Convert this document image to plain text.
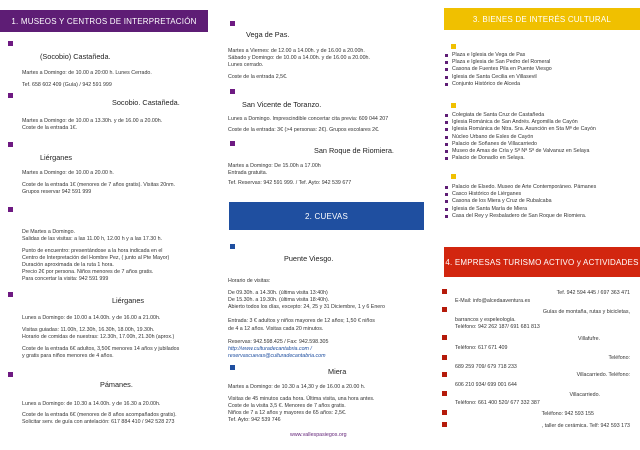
1. MUSEOS Y CENTROS DE INTERPRETACIÓN
(Socobio) Castañeda.
Martes a Domingo: de 10.00 a 20:00 h. Lunes Cerrado.
Tef. 658 602 409 (Guía) / 942 591 999
Socobio. Castañeda.
Martes a Domingo: de 10.00 a 13.30h. y de 16.00 a 20.00h.
Coste de la entrada 1€.
Liérganes
Martes a Domingo: de 10.00 a 20.00 h.
Coste de la entrada 1€ (menores de 7 años gratis). Visitas 20nm.
Grupos reservar 942 591 999
De Martes a Domingo.
Salidas de las visitas: a las 11.00 h, 12.00 h y a las 17.30 h.
Punto de encuentro: presentándose a la hora indicada en el
Centro de Interpretación del Hombre Pez, ( junto al Pte Mayor)
Duración aproximada de la ruta 1 hora.
Precio 2€ por persona. Niños menores de 7 años gratis.
Para concertar la visita: 942 591 999
Liérganes
Lunes a Domingo: de 10.00 a 14.00h. y de 16.00 a 21.00h.
Visitas guiadas: 11.00h, 12.30h, 16.30h, 18.00h, 19.30h.
Horario de comidas de nuestras: 12.30h, 17.00h, 21.30h (aprox.)
Coste de la entrada 6€ adultos, 3,50€ menores 14 años y jubilados
y gratis para niños menores de 4 años.
Pámanes.
Lunes a Domingo: de 10.30 a 14.00h. y de 16.30 a 20.00h.
Coste de la entrada 6€ (menores de 8 años acompañados gratis).
Solicitar serv. de guía con antelación: 617 884 410 / 942 528 273
Vega de Pas.
Martes a Viernes: de 12.00 a 14.00h. y de 16.00 a 20.00h.
Sábado y Domingo: de 10.00 a 14.00h. y de 16.00 a 20.00h.
Lunes cerrado.
Coste de la entrada 2,5€.
San Vicente de Toranzo.
Lunes a Domingo. Imprescindible concertar cita previa: 609 044 207
Coste de la entrada: 3€ (>4 personas: 2€). Grupos escolares 2€.
San Roque de Riomiera.
Martes a Domingo: De 15.00h a 17.00h
Entrada gratuita.
Tef. Reservas: 942 591 999. / Tef. Ayto: 942 539 677
2. CUEVAS
Puente Viesgo.
Horario de visitas:
De 09.30h. a 14.30h. (última visita 13:40h)
De 15.30h. a 19.30h. (última visita 18:40h).
Abierto todos los días, excepto: 24, 25 y 31 Diciembre, 1 y 6 Enero
Entrada: 3 € adultos y niños mayores de 12 años; 1,50 € niños
de 4 a 12 años. Visitas cada 20 minutos.
Reservas: 942.598.425 / Fax: 942.598.305
http://www.culturadecantabria.com /
reservascuevas@culturadecantabria.com
Miera
Martes a Domingo: de 10.30 a 14,30 y de 16.00 a 20.00 h.
Visitas de 45 minutos cada hora. Última visita, una hora antes.
Coste de la visita 3,5 €. Menores de 7 años gratis.
Niños de 7 a 12 años y mayores de 65 años: 2,5€.
Tef. Ayto: 942 539 746
www.vallespasiegos.org
3. BIENES DE INTERÉS CULTURAL
Plaza e Iglesia de Vega de Pas
Plaza e Iglesia de San Pedro del Romeral
Casona de Fuentes Pila en Puente Viesgo
Iglesia de Santa Cecilia en Villasevil
Conjunto Histórico de Alceda
Colegiata de Santa Cruz de Castañeda
Iglesia Románica de San Andrés. Argomilla de Cayón
Iglesia Románica de Ntra. Sra. Asunción en Sta Mª de Cayón
Núcleo Urbano de Esles de Cayón
Palacio de Soñanes de Villacarriedo
Museo de Amas de Cría y Sª Nª Sª de Valvanuz en Selaya
Palacio de Donadío en Selaya.
Palacio de Elsedo. Museo de Arte Contemporáneo. Pámanes
Casco Histórico de Liérganes
Casona de los Miera y Cruz de Rubalcaba
Iglesia de Santa María de Miera
Casa del Rey y Resbaladero de San Roque de Riomiera.
4. EMPRESAS TURISMO ACTIVO y ACTIVIDADES
Tef. 942 594 445 / 697 363 471
E-Mail: info@alcedaaventura.es
Guías de montaña, rutas y bicicletas,
barrancos y espeleología.
Teléfono: 942 262 187/ 691 681 813
Villafufre.
Teléfono: 617 671 409
Teléfono:
689 259 709/ 679 718 233
Villacarriedo. Teléfono:
606 210 934/ 699 001 644
Villacarriedo.
Teléfono: 661 400 520/ 677 332 387
Teléfono: 942 593 155
, taller de cerámica. Telf: 942 593 173
